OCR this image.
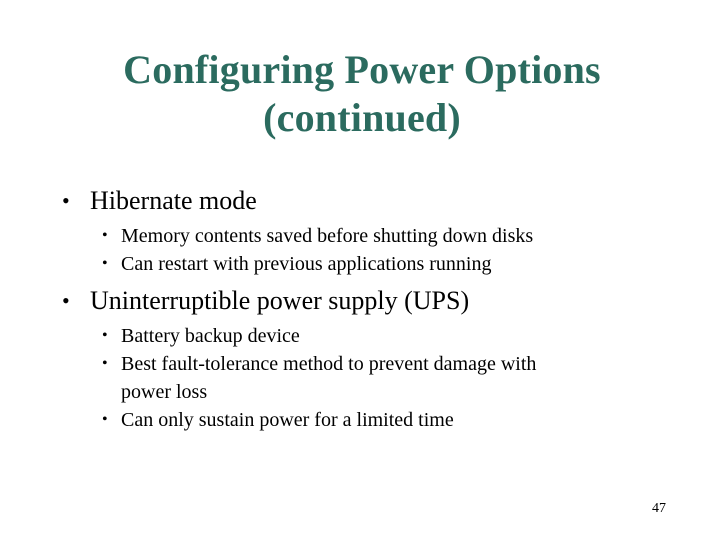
Configuring Power Options
(continued)
• Hibernate mode
• Memory contents saved before shutting down disks
• Can restart with previous applications running
• Uninterruptible power supply (UPS)
• Battery backup device
• Best fault-tolerance method to prevent damage with
power loss
• Can only sustain power for a limited time
47
